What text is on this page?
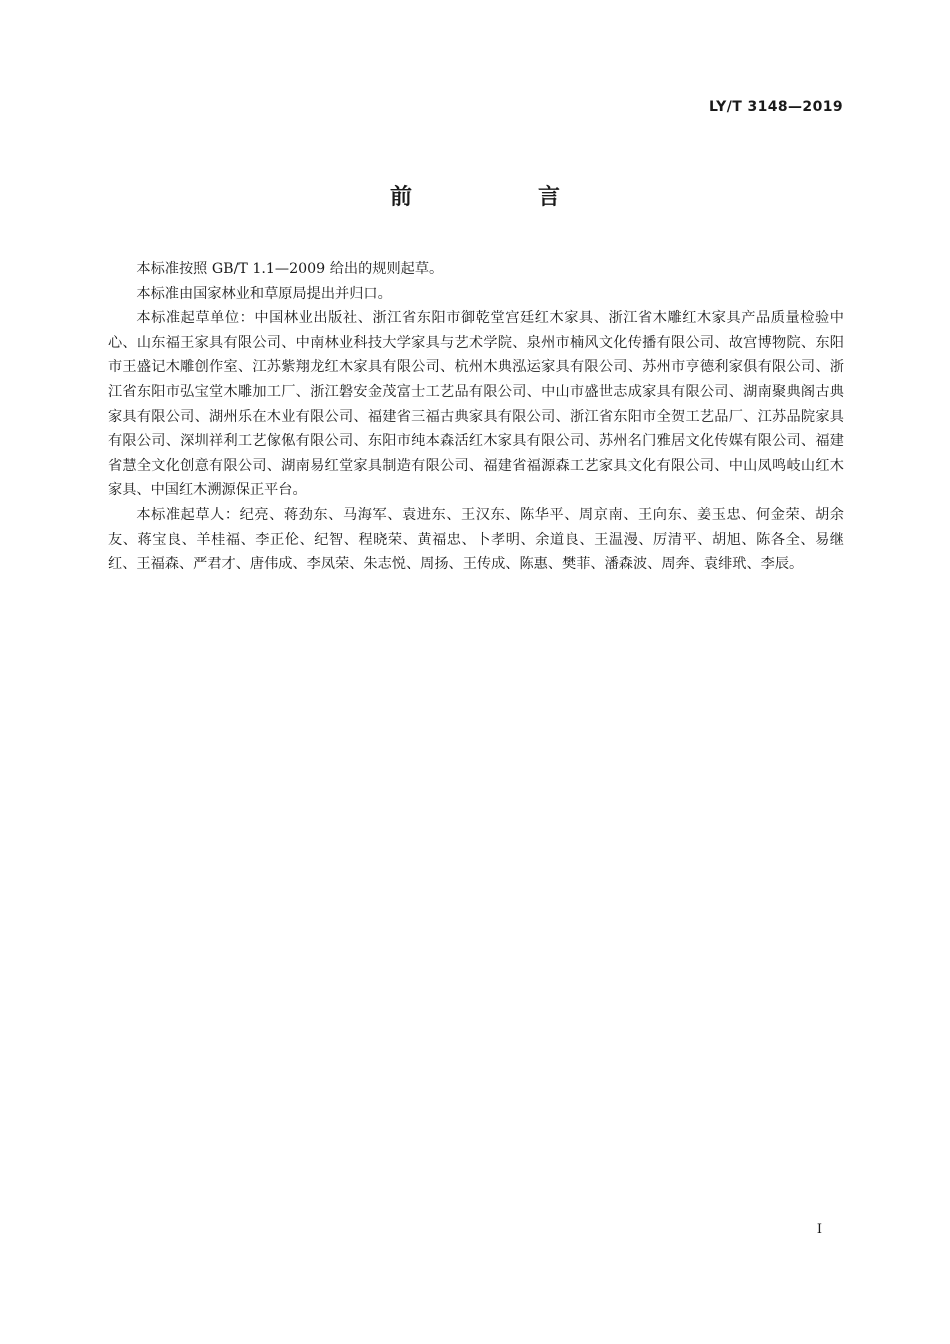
LY/T 3148—2019
前　言

本标准按照 GB/T 1.1—2009 给出的规则起草。

本标准由国家林业和草原局提出并归口。

本标准起草单位：中国林业出版社、浙江省东阳市御乾堂宫廷红木家具、浙江省木雕红木家具产品质量检验中心、山东福王家具有限公司、中南林业科技大学家具与艺术学院、泉州市楠风文化传播有限公司、故宫博物院、东阳市王盛记木雕创作室、江苏紫翔龙红木家具有限公司、杭州木典泓运家具有限公司、苏州市亨德利家俱有限公司、浙江省东阳市弘宝堂木雕加工厂、浙江磐安金茂富士工艺品有限公司、中山市盛世志成家具有限公司、湖南聚典阁古典家具有限公司、湖州乐在木业有限公司、福建省三福古典家具有限公司、浙江省东阳市全贺工艺品厂、江苏品院家具有限公司、深圳祥利工艺傢俬有限公司、东阳市纯本森活红木家具有限公司、苏州名门雅居文化传媒有限公司、福建省慧全文化创意有限公司、湖南易红堂家具制造有限公司、福建省福源森工艺家具文化有限公司、中山凤鸣岐山红木家具、中国红木溯源保正平台。

本标准起草人：纪亮、蒋劲东、马海军、袁进东、王汉东、陈华平、周京南、王向东、姜玉忠、何金荣、胡余友、蒋宝良、羊桂福、李正伦、纪智、程晓荣、黄福忠、卜孝明、余道良、王温漫、厉清平、胡旭、陈各全、易继红、王福森、严君才、唐伟成、李凤荣、朱志悦、周扬、王传成、陈惠、樊菲、潘森波、周奔、袁绯玳、李辰。

I
